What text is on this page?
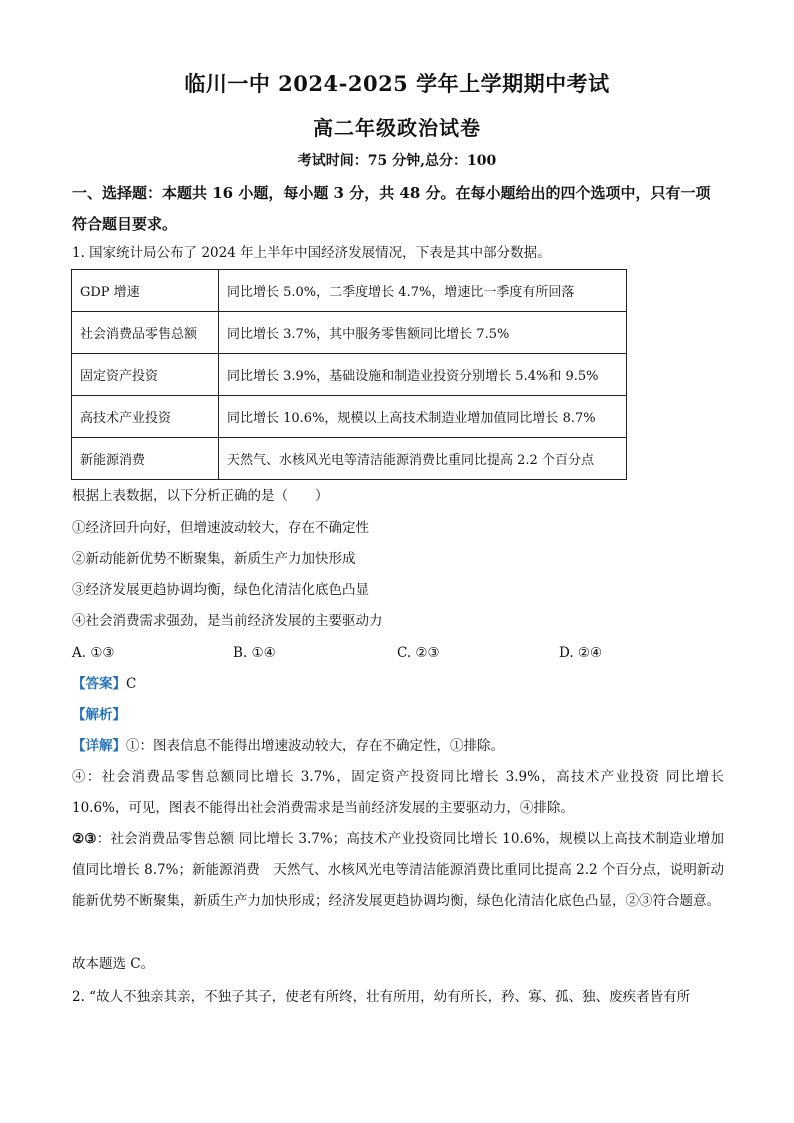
临川一中 2024-2025 学年上学期期中考试
高二年级政治试卷
考试时间：75 分钟,总分：100
一、选择题：本题共 16 小题，每小题 3 分，共 48 分。在每小题给出的四个选项中，只有一项符合题目要求。
1. 国家统计局公布了 2024 年上半年中国经济发展情况，下表是其中部分数据。
GDP 增速	同比增长 5.0%，二季度增长 4.7%，增速比一季度有所回落
社会消费品零售总额	同比增长 3.7%，其中服务零售额同比增长 7.5%
固定资产投资	同比增长 3.9%，基础设施和制造业投资分别增长 5.4%和 9.5%
高技术产业投资	同比增长 10.6%，规模以上高技术制造业增加值同比增长 8.7%
新能源消费	天然气、水核风光电等清洁能源消费比重同比提高 2.2 个百分点
根据上表数据，以下分析正确的是（　　）
①经济回升向好，但增速波动较大，存在不确定性
②新动能新优势不断聚集，新质生产力加快形成
③经济发展更趋协调均衡，绿色化清洁化底色凸显
④社会消费需求强劲，是当前经济发展的主要驱动力
A. ①③	B. ①④	C. ②③	D. ②④
【答案】C
【解析】
【详解】①：图表信息不能得出增速波动较大，存在不确定性，①排除。
④：社会消费品零售总额同比增长 3.7%，固定资产投资同比增长 3.9%，高技术产业投资 同比增长 10.6%，可见，图表不能得出社会消费需求是当前经济发展的主要驱动力，④排除。
②③：社会消费品零售总额 同比增长 3.7%；高技术产业投资同比增长 10.6%，规模以上高技术制造业增加值同比增长 8.7%；新能源消费　天然气、水核风光电等清洁能源消费比重同比提高 2.2 个百分点，说明新动能新优势不断聚集，新质生产力加快形成；经济发展更趋协调均衡，绿色化清洁化底色凸显，②③符合题意。
故本题选 C。
2. “故人不独亲其亲，不独子其子，使老有所终，壮有所用，幼有所长，矜、寡、孤、独、废疾者皆有所
